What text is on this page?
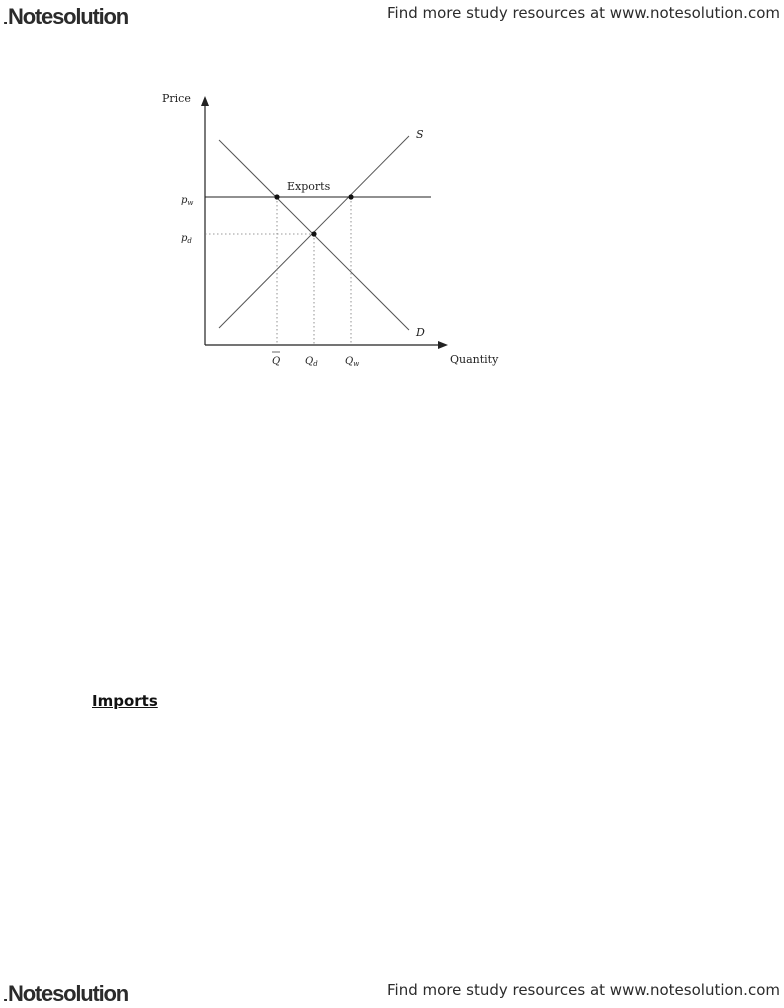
Notesolution	Find more study resources at www.notesolution.com
Price
Quantity
S
D
Exports
$p_w$
$p_d$
Q $Q_d$	$Q_w$
Imports
Notesolution	Find more study resources at www.notesolution.com
